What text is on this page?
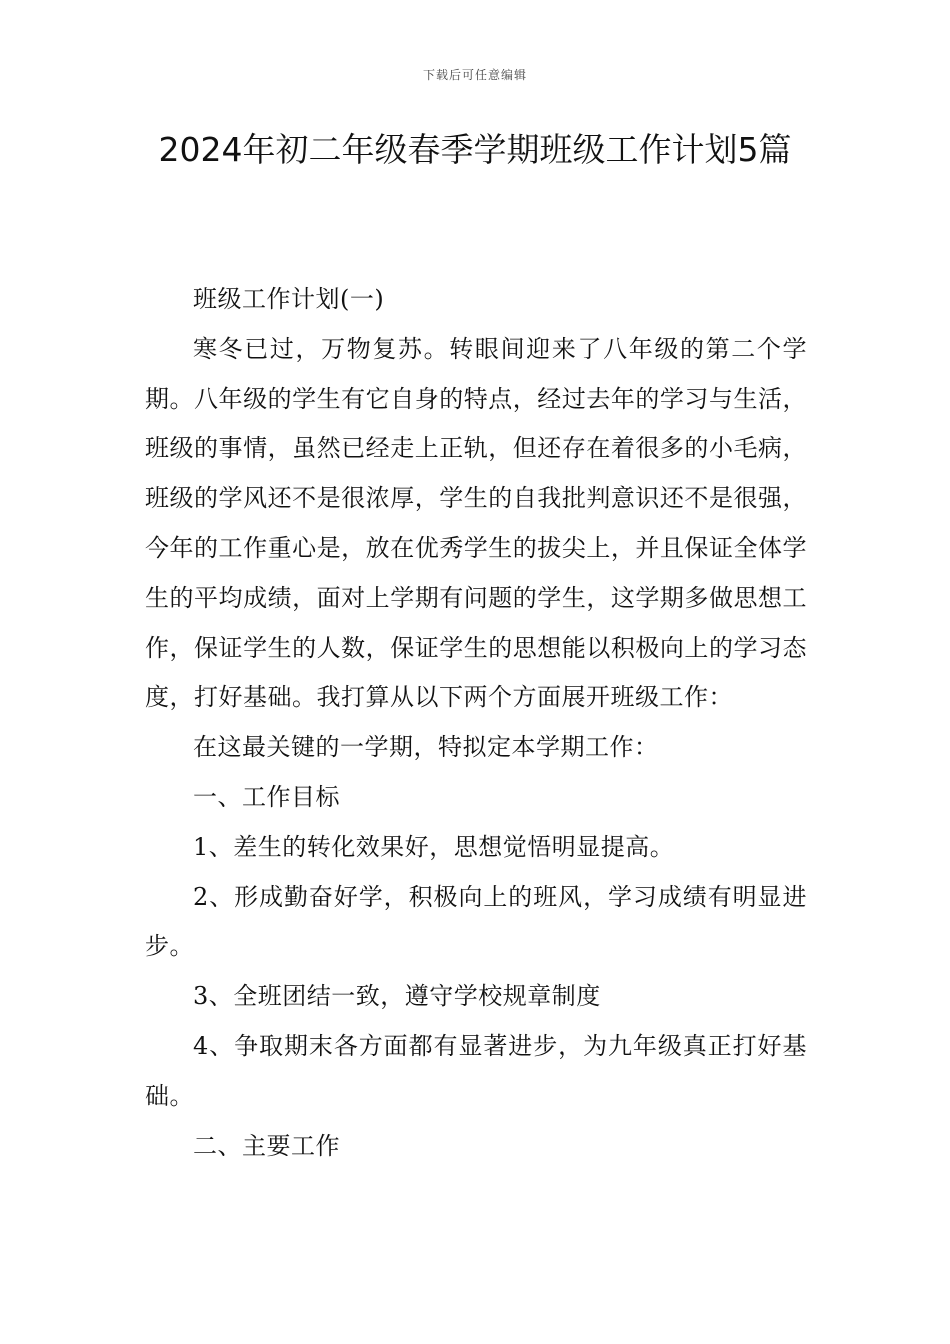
下载后可任意编辑
2024年初二年级春季学期班级工作计划5篇

班级工作计划(一)

寒冬已过，万物复苏。转眼间迎来了八年级的第二个学期。八年级的学生有它自身的特点，经过去年的学习与生活，班级的事情，虽然已经走上正轨，但还存在着很多的小毛病，班级的学风还不是很浓厚，学生的自我批判意识还不是很强，今年的工作重心是，放在优秀学生的拔尖上，并且保证全体学生的平均成绩，面对上学期有问题的学生，这学期多做思想工作，保证学生的人数，保证学生的思想能以积极向上的学习态度，打好基础。我打算从以下两个方面展开班级工作：

在这最关键的一学期，特拟定本学期工作：

一、工作目标

1、差生的转化效果好，思想觉悟明显提高。

2、形成勤奋好学，积极向上的班风，学习成绩有明显进步。

3、全班团结一致，遵守学校规章制度

4、争取期末各方面都有显著进步，为九年级真正打好基础。

二、主要工作
